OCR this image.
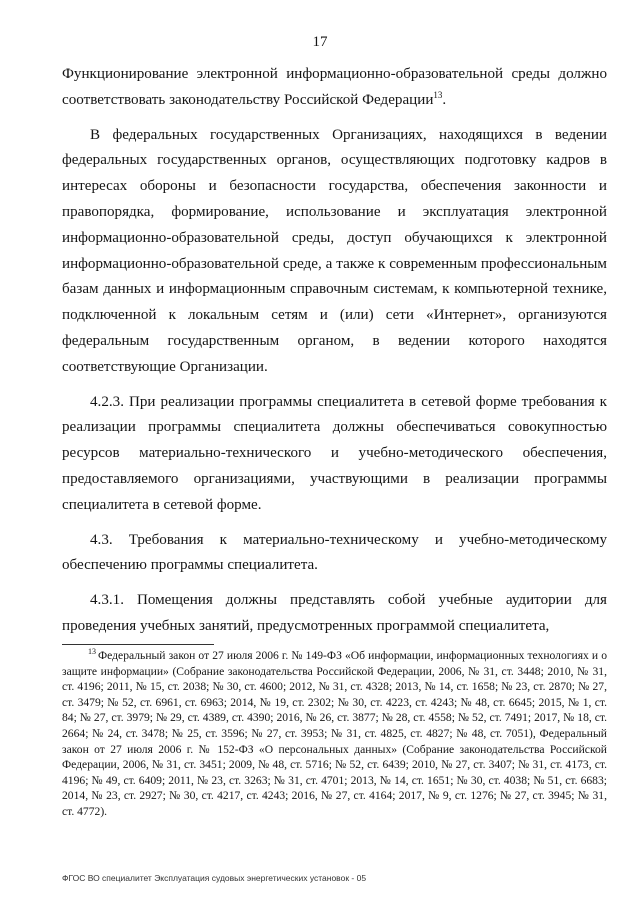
17

Функционирование электронной информационно-образовательной среды должно соответствовать законодательству Российской Федерации$^{13}$.

В федеральных государственных Организациях, находящихся в ведении федеральных государственных органов, осуществляющих подготовку кадров в интересах обороны и безопасности государства, обеспечения законности и правопорядка, формирование, использование и эксплуатация электронной информационно-образовательной среды, доступ обучающихся к электронной информационно-образовательной среде, а также к современным профессиональным базам данных и информационным справочным системам, к компьютерной технике, подключенной к локальным сетям и (или) сети «Интернет», организуются федеральным государственным органом, в ведении которого находятся соответствующие Организации.

4.2.3. При реализации программы специалитета в сетевой форме требования к реализации программы специалитета должны обеспечиваться совокупностью ресурсов материально-технического и учебно-методического обеспечения, предоставляемого организациями, участвующими в реализации программы специалитета в сетевой форме.

4.3. Требования к материально-техническому и учебно-методическому обеспечению программы специалитета.

4.3.1. Помещения должны представлять собой учебные аудитории для проведения учебных занятий, предусмотренных программой специалитета,

$^{13}$ Федеральный закон от 27 июля 2006 г. № 149-ФЗ «Об информации, информационных технологиях и о защите информации» (Собрание законодательства Российской Федерации, 2006, № 31, ст. 3448; 2010, № 31, ст. 4196; 2011, № 15, ст. 2038; № 30, ст. 4600; 2012, № 31, ст. 4328; 2013, № 14, ст. 1658; № 23, ст. 2870; № 27, ст. 3479; № 52, ст. 6961, ст. 6963; 2014, № 19, ст. 2302; № 30, ст. 4223, ст. 4243; № 48, ст. 6645; 2015, № 1, ст. 84; № 27, ст. 3979; № 29, ст. 4389, ст. 4390; 2016, № 26, ст. 3877; № 28, ст. 4558; № 52, ст. 7491; 2017, № 18, ст. 2664; № 24, ст. 3478; № 25, ст. 3596; № 27, ст. 3953; № 31, ст. 4825, ст. 4827; № 48, ст. 7051), Федеральный закон от 27 июля 2006 г. № 152-ФЗ «О персональных данных» (Собрание законодательства Российской Федерации, 2006, № 31, ст. 3451; 2009, № 48, ст. 5716; № 52, ст. 6439; 2010, № 27, ст. 3407; № 31, ст. 4173, ст. 4196; № 49, ст. 6409; 2011, № 23, ст. 3263; № 31, ст. 4701; 2013, № 14, ст. 1651; № 30, ст. 4038; № 51, ст. 6683; 2014, № 23, ст. 2927; № 30, ст. 4217, ст. 4243; 2016, № 27, ст. 4164; 2017, № 9, ст. 1276; № 27, ст. 3945; № 31, ст. 4772).
ФГОС ВО специалитет Эксплуатация судовых энергетических установок - 05
